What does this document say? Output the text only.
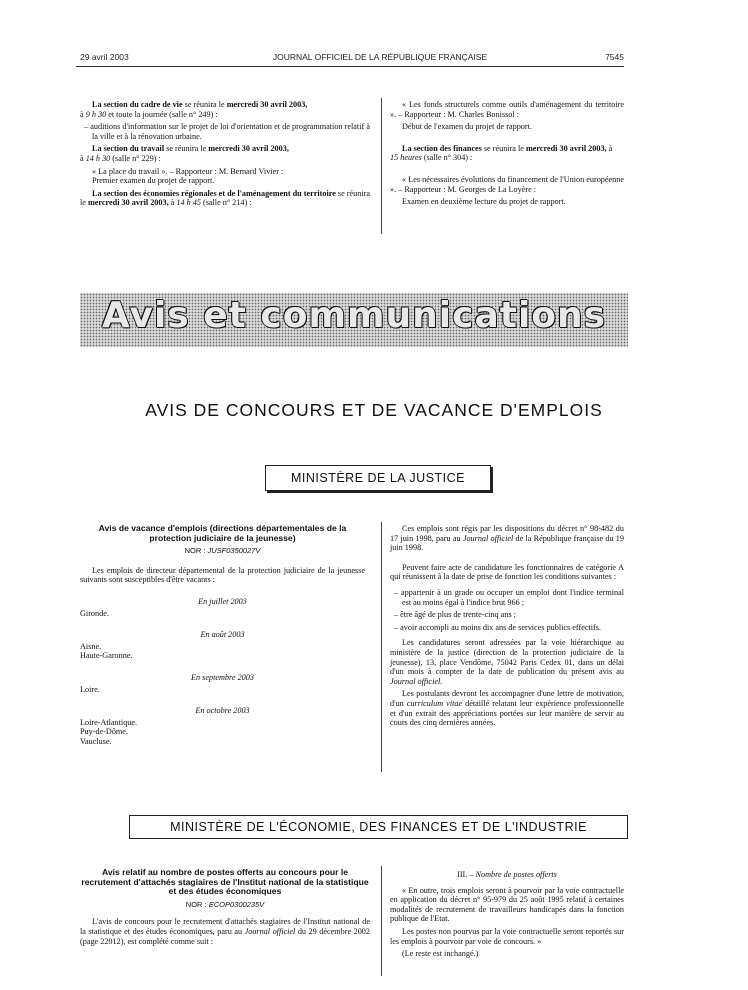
29 avril 2003	JOURNAL OFFICIEL DE LA RÉPUBLIQUE FRANÇAISE	7545

La section du cadre de vie se réunira le mercredi 30 avril 2003,
à 9 h 30 et toute la journée (salle n° 249) :

– auditions d'information sur le projet de loi d'orientation et de programmation relatif à la ville et à la rénovation urbaine.

La section du travail se réunira le mercredi 30 avril 2003,
à 14 h 30 (salle n° 229) :

« La place du travail ». – Rapporteur : M. Bernard Vivier :

Premier examen du projet de rapport.

La section des économies régionales et de l'aménagement du territoire se réunira le mercredi 30 avril 2003, à 14 h 45 (salle n° 214) :

« Les fonds structurels comme outils d'aménagement du territoire ». – Rapporteur : M. Charles Bonissol :

Début de l'examen du projet de rapport.

La section des finances se réunira le mercredi 30 avril 2003, à
15 heures (salle n° 304) :

« Les nécessaires évolutions du financement de l'Union européenne ». – Rapporteur : M. Georges de La Loyère :

Examen en deuxième lecture du projet de rapport.

Avis et communications
AVIS DE CONCOURS ET DE VACANCE D'EMPLOIS
MINISTÈRE DE LA JUSTICE

Avis de vacance d'emplois (directions départementales de la protection judiciaire de la jeunesse)

NOR : JUSF0350027V

Les emplois de directeur départemental de la protection judiciaire de la jeunesse suivants sont susceptibles d'être vacants :

En juillet 2003

Gironde.

En août 2003

Aisne.

Haute-Garonne.

En septembre 2003

Loire.

En octobre 2003

Loire-Atlantique.

Puy-de-Dôme.

Vaucluse.

Ces emplois sont régis par les dispositions du décret n° 98-482 du 17 juin 1998, paru au Journal officiel de la République française du 19 juin 1998.

Peuvent faire acte de candidature les fonctionnaires de catégorie A qui réunissent à la date de prise de fonction les conditions suivantes :

– appartenir à un grade ou occuper un emploi dont l'indice terminal est au moins égal à l'indice brut 966 ;

– être âgé de plus de trente-cinq ans ;

– avoir accompli au moins dix ans de services publics effectifs.

Les candidatures seront adressées par la voie hiérarchique au ministère de la justice (direction de la protection judiciaire de la jeunesse), 13, place Vendôme, 75042 Paris Cedex 01, dans un délai d'un mois à compter de la date de publication du présent avis au Journal officiel.

Les postulants devront les accompagner d'une lettre de motivation, d'un curriculum vitae détaillé relatant leur expérience professionnelle et d'un extrait des appréciations portées sur leur manière de servir au cours des cinq dernières années.

MINISTÈRE DE L'ÉCONOMIE, DES FINANCES ET DE L'INDUSTRIE

Avis relatif au nombre de postes offerts au concours pour le recrutement d'attachés stagiaires de l'Institut national de la statistique et des études économiques

NOR : ECOP0300235V

L'avis de concours pour le recrutement d'attachés stagiaires de l'Institut national de la statistique et des études économiques, paru au Journal officiel du 29 décembre 2002 (page 22012), est complété comme suit :

III. – Nombre de postes offerts

« En outre, trois emplois seront à pourvoir par la voie contractuelle en application du décret n° 95-979 du 25 août 1995 relatif à certaines modalités de recrutement de travailleurs handicapés dans la fonction publique de l'Etat.

Les postes non pourvus par la voie contractuelle seront reportés sur les emplois à pourvoir par voie de concours. »

(Le reste est inchangé.)
